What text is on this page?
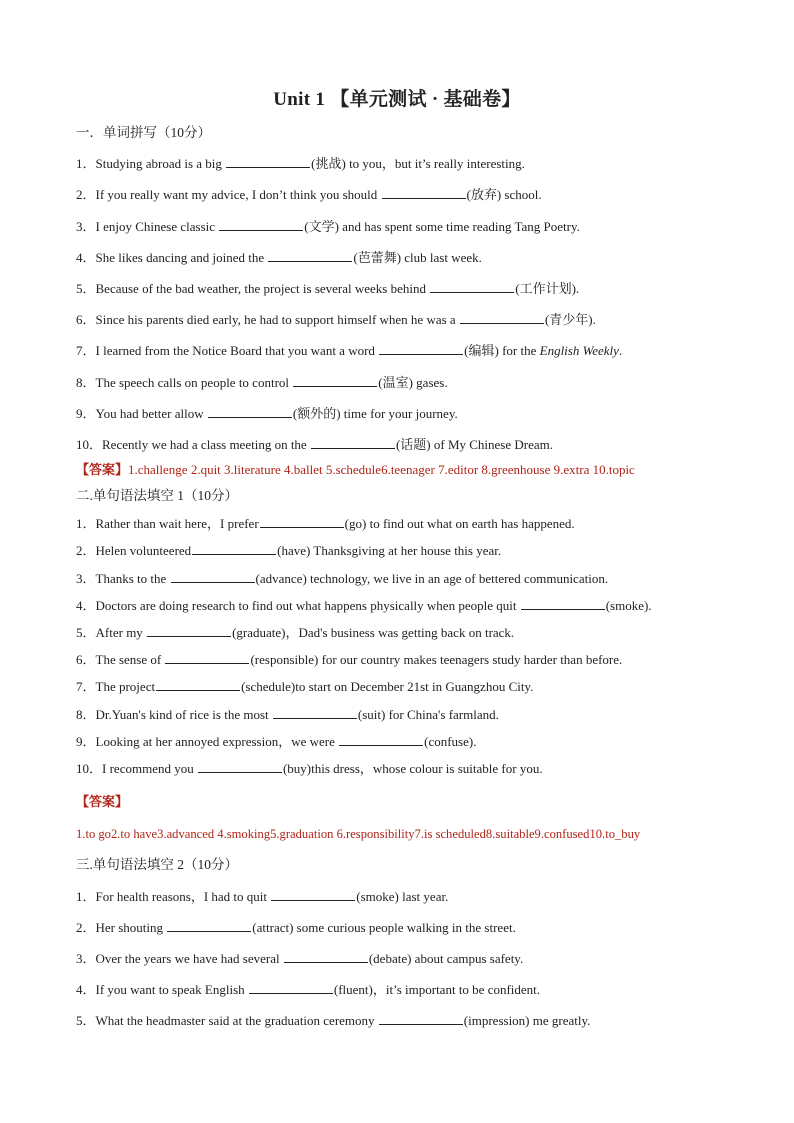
Unit 1 【单元测试 · 基础卷】
一．单词拼写（10分）
1．Studying abroad is a big	(挑战) to you，but it’s really interesting.
2．If you really want my advice, I don’t think you should	(放弃) school.
3．I enjoy Chinese classic	(文学) and has spent some time reading Tang Poetry.
4．She likes dancing and joined the	(芭蕾舞) club last week.
5．Because of the bad weather, the project is several weeks behind	(工作计划).
6．Since his parents died early, he had to support himself when he was a	(青少年).
7．I learned from the Notice Board that you want a word	(编辑) for the English Weekly.
8．The speech calls on people to control	(温室) gases.
9．You had better allow	(额外的) time for your journey.
10．Recently we had a class meeting on the	(话题) of My Chinese Dream.
【答案】1.challenge 2.quit 3.literature 4.ballet 5.schedule6.teenager 7.editor 8.greenhouse 9.extra 10.topic
二.单句语法填空 1（10分）
1．Rather than wait here，I prefer	(go) to find out what on earth has happened.
2．Helen volunteered	(have) Thanksgiving at her house this year.
3．Thanks to the	(advance) technology, we live in an age of bettered communication.
4．Doctors are doing research to find out what happens physically when people quit	(smoke).
5．After my	(graduate)，Dad's business was getting back on track.
6．The sense of	(responsible) for our country makes teenagers study harder than before.
7．The project	(schedule)to start on December 21st in Guangzhou City.
8．Dr.Yuan's kind of rice is the most	(suit) for China's farmland.
9．Looking at her annoyed expression，we were	(confuse).
10．I recommend you	(buy)this dress，whose colour is suitable for you.
【答案】
1.to go2.to have3.advanced 4.smoking5.graduation 6.responsibility7.is scheduled8.suitable9.confused10.to_buy
三.单句语法填空 2（10分）
1．For health reasons，I had to quit	(smoke) last year.
2．Her shouting	(attract) some curious people walking in the street.
3．Over the years we have had several	(debate) about campus safety.
4．If you want to speak English	(fluent)，it’s important to be confident.
5．What the headmaster said at the graduation ceremony	(impression) me greatly.
